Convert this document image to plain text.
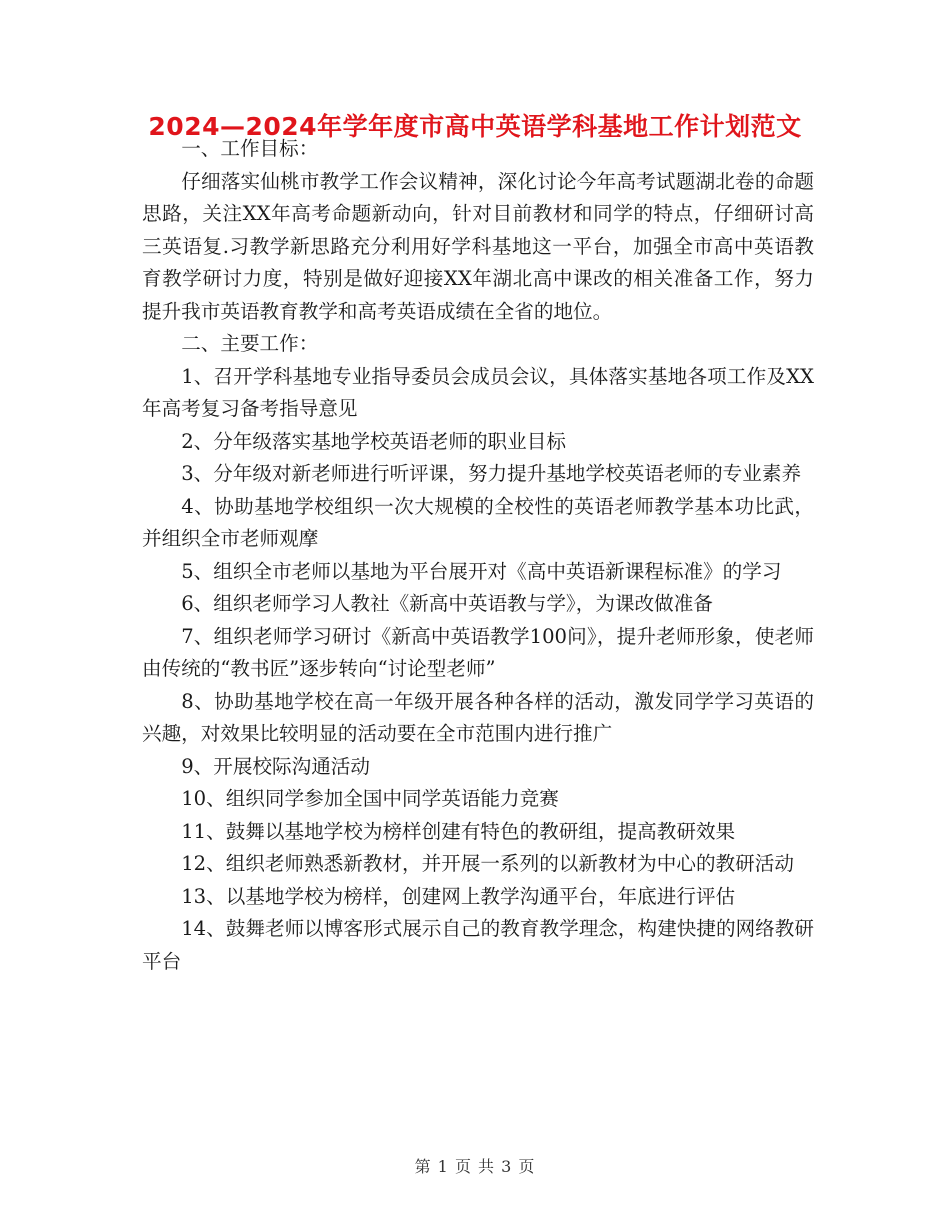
2024—2024年学年度市高中英语学科基地工作计划范文

一、工作目标：

仔细落实仙桃市教学工作会议精神，深化讨论今年高考试题湖北卷的命题思路，关注XX年高考命题新动向，针对目前教材和同学的特点，仔细研讨高三英语复.习教学新思路充分利用好学科基地这一平台，加强全市高中英语教育教学研讨力度，特别是做好迎接XX年湖北高中课改的相关准备工作，努力提升我市英语教育教学和高考英语成绩在全省的地位。

二、主要工作：

1、召开学科基地专业指导委员会成员会议，具体落实基地各项工作及XX年高考复习备考指导意见

2、分年级落实基地学校英语老师的职业目标

3、分年级对新老师进行听评课，努力提升基地学校英语老师的专业素养

4、协助基地学校组织一次大规模的全校性的英语老师教学基本功比武，并组织全市老师观摩

5、组织全市老师以基地为平台展开对《高中英语新课程标准》的学习

6、组织老师学习人教社《新高中英语教与学》，为课改做准备

7、组织老师学习研讨《新高中英语教学100问》，提升老师形象，使老师由传统的“教书匠”逐步转向“讨论型老师”

8、协助基地学校在高一年级开展各种各样的活动，激发同学学习英语的兴趣，对效果比较明显的活动要在全市范围内进行推广

9、开展校际沟通活动

10、组织同学参加全国中同学英语能力竞赛

11、鼓舞以基地学校为榜样创建有特色的教研组，提高教研效果

12、组织老师熟悉新教材，并开展一系列的以新教材为中心的教研活动

13、以基地学校为榜样，创建网上教学沟通平台，年底进行评估

14、鼓舞老师以博客形式展示自己的教育教学理念，构建快捷的网络教研平台

第 1 页 共 3 页
